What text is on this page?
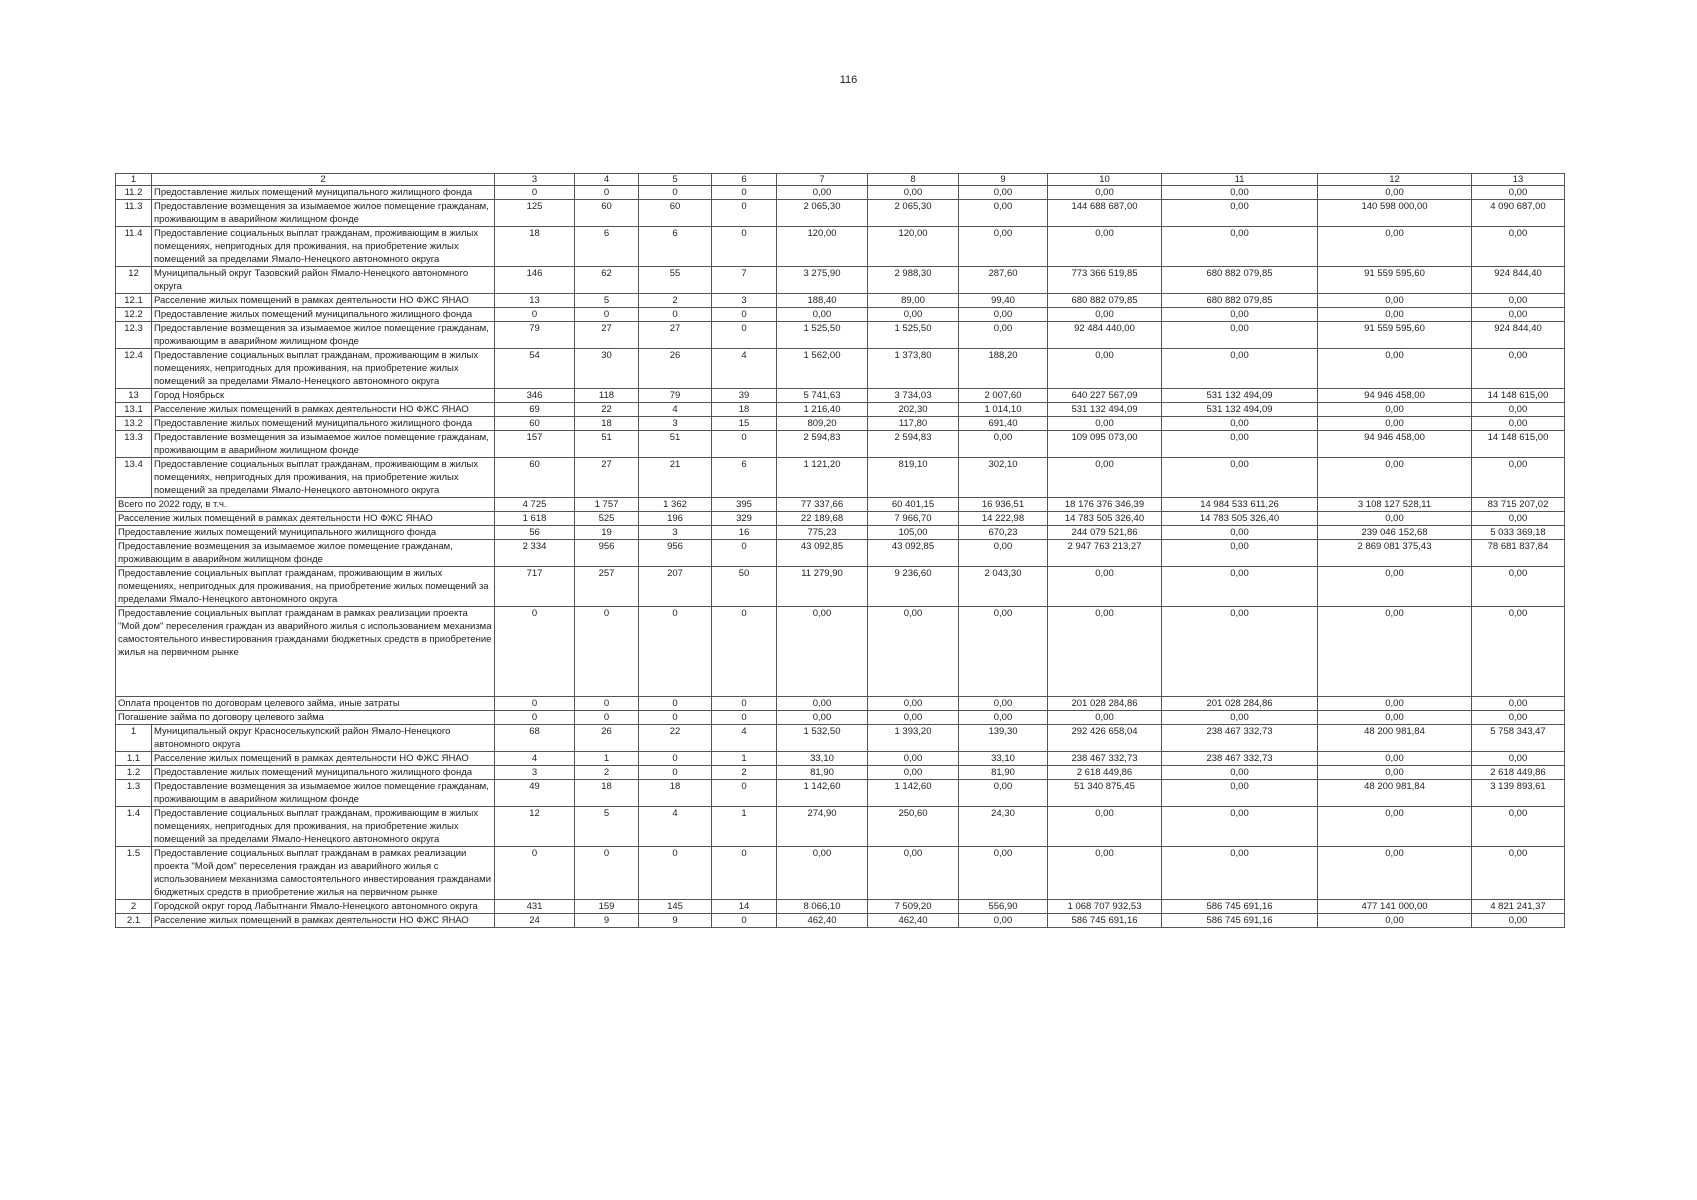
116
1	2	3	4	5	6	7	8	9	10	11	12	13
11.2	Предоставление жилых помещений муниципального жилищного фонда	0	0	0	0	0,00	0,00	0,00	0,00	0,00	0,00	0,00
11.3	Предоставление возмещения за изымаемое жилое помещение гражданам, проживающим в аварийном жилищном фонде	125	60	60	0	2 065,30	2 065,30	0,00	144 688 687,00	0,00	140 598 000,00	4 090 687,00
11.4	Предоставление социальных выплат гражданам, проживающим в жилых помещениях, непригодных для проживания, на приобретение жилых помещений за пределами Ямало-Ненецкого автономного округа	18	6	6	0	120,00	120,00	0,00	0,00	0,00	0,00	0,00
12	Муниципальный округ Тазовский район Ямало-Ненецкого автономного округа	146	62	55	7	3 275,90	2 988,30	287,60	773 366 519,85	680 882 079,85	91 559 595,60	924 844,40
12.1	Расселение жилых помещений в рамках деятельности НО ФЖС ЯНАО	13	5	2	3	188,40	89,00	99,40	680 882 079,85	680 882 079,85	0,00	0,00
12.2	Предоставление жилых помещений муниципального жилищного фонда	0	0	0	0	0,00	0,00	0,00	0,00	0,00	0,00	0,00
12.3	Предоставление возмещения за изымаемое жилое помещение гражданам, проживающим в аварийном жилищном фонде	79	27	27	0	1 525,50	1 525,50	0,00	92 484 440,00	0,00	91 559 595,60	924 844,40
12.4	Предоставление социальных выплат гражданам, проживающим в жилых помещениях, непригодных для проживания, на приобретение жилых помещений за пределами Ямало-Ненецкого автономного округа	54	30	26	4	1 562,00	1 373,80	188,20	0,00	0,00	0,00	0,00
13	Город Ноябрьск	346	118	79	39	5 741,63	3 734,03	2 007,60	640 227 567,09	531 132 494,09	94 946 458,00	14 148 615,00
13.1	Расселение жилых помещений в рамках деятельности НО ФЖС ЯНАО	69	22	4	18	1 216,40	202,30	1 014,10	531 132 494,09	531 132 494,09	0,00	0,00
13.2	Предоставление жилых помещений муниципального жилищного фонда	60	18	3	15	809,20	117,80	691,40	0,00	0,00	0,00	0,00
13.3	Предоставление возмещения за изымаемое жилое помещение гражданам, проживающим в аварийном жилищном фонде	157	51	51	0	2 594,83	2 594,83	0,00	109 095 073,00	0,00	94 946 458,00	14 148 615,00
13.4	Предоставление социальных выплат гражданам, проживающим в жилых помещениях, непригодных для проживания, на приобретение жилых помещений за пределами Ямало-Ненецкого автономного округа	60	27	21	6	1 121,20	819,10	302,10	0,00	0,00	0,00	0,00
Всего по 2022 году, в т.ч.		4 725	1 757	1 362	395	77 337,66	60 401,15	16 936,51	18 176 376 346,39	14 984 533 611,26	3 108 127 528,11	83 715 207,02
Расселение жилых помещений в рамках деятельности НО ФЖС ЯНАО		1 618	525	196	329	22 189,68	7 966,70	14 222,98	14 783 505 326,40	14 783 505 326,40	0,00	0,00
Предоставление жилых помещений муниципального жилищного фонда		56	19	3	16	775,23	105,00	670,23	244 079 521,86	0,00	239 046 152,68	5 033 369,18
Предоставление возмещения за изымаемое жилое помещение гражданам, проживающим в аварийном жилищном фонде		2 334	956	956	0	43 092,85	43 092,85	0,00	2 947 763 213,27	0,00	2 869 081 375,43	78 681 837,84
Предоставление социальных выплат гражданам, проживающим в жилых помещениях, непригодных для проживания, на приобретение жилых помещений за пределами Ямало-Ненецкого автономного округа		717	257	207	50	11 279,90	9 236,60	2 043,30	0,00	0,00	0,00	0,00
Предоставление социальных выплат гражданам в рамках реализации проекта "Мой дом" переселения граждан из аварийного жилья с использованием механизма самостоятельного инвестирования гражданами бюджетных средств в приобретение жилья на первичном рынке		0	0	0	0	0,00	0,00	0,00	0,00	0,00	0,00	0,00
Оплата процентов по договорам целевого займа, иные затраты		0	0	0	0	0,00	0,00	0,00	201 028 284,86	201 028 284,86	0,00	0,00
Погашение займа по договору целевого займа		0	0	0	0	0,00	0,00	0,00	0,00	0,00	0,00	0,00
1	Муниципальный округ Красноселькупский район Ямало-Ненецкого автономного округа	68	26	22	4	1 532,50	1 393,20	139,30	292 426 658,04	238 467 332,73	48 200 981,84	5 758 343,47
1.1	Расселение жилых помещений в рамках деятельности НО ФЖС ЯНАО	4	1	0	1	33,10	0,00	33,10	238 467 332,73	238 467 332,73	0,00	0,00
1.2	Предоставление жилых помещений муниципального жилищного фонда	3	2	0	2	81,90	0,00	81,90	2 618 449,86	0,00	0,00	2 618 449,86
1.3	Предоставление возмещения за изымаемое жилое помещение гражданам, проживающим в аварийном жилищном фонде	49	18	18	0	1 142,60	1 142,60	0,00	51 340 875,45	0,00	48 200 981,84	3 139 893,61
1.4	Предоставление социальных выплат гражданам, проживающим в жилых помещениях, непригодных для проживания, на приобретение жилых помещений за пределами Ямало-Ненецкого автономного округа	12	5	4	1	274,90	250,60	24,30	0,00	0,00	0,00	0,00
1.5	Предоставление социальных выплат гражданам в рамках реализации проекта "Мой дом" переселения граждан из аварийного жилья с использованием механизма самостоятельного инвестирования гражданами бюджетных средств в приобретение жилья на первичном рынке	0	0	0	0	0,00	0,00	0,00	0,00	0,00	0,00	0,00
2	Городской округ город Лабытнанги Ямало-Ненецкого автономного округа	431	159	145	14	8 066,10	7 509,20	556,90	1 068 707 932,53	586 745 691,16	477 141 000,00	4 821 241,37
2.1	Расселение жилых помещений в рамках деятельности НО ФЖС ЯНАО	24	9	9	0	462,40	462,40	0,00	586 745 691,16	586 745 691,16	0,00	0,00
